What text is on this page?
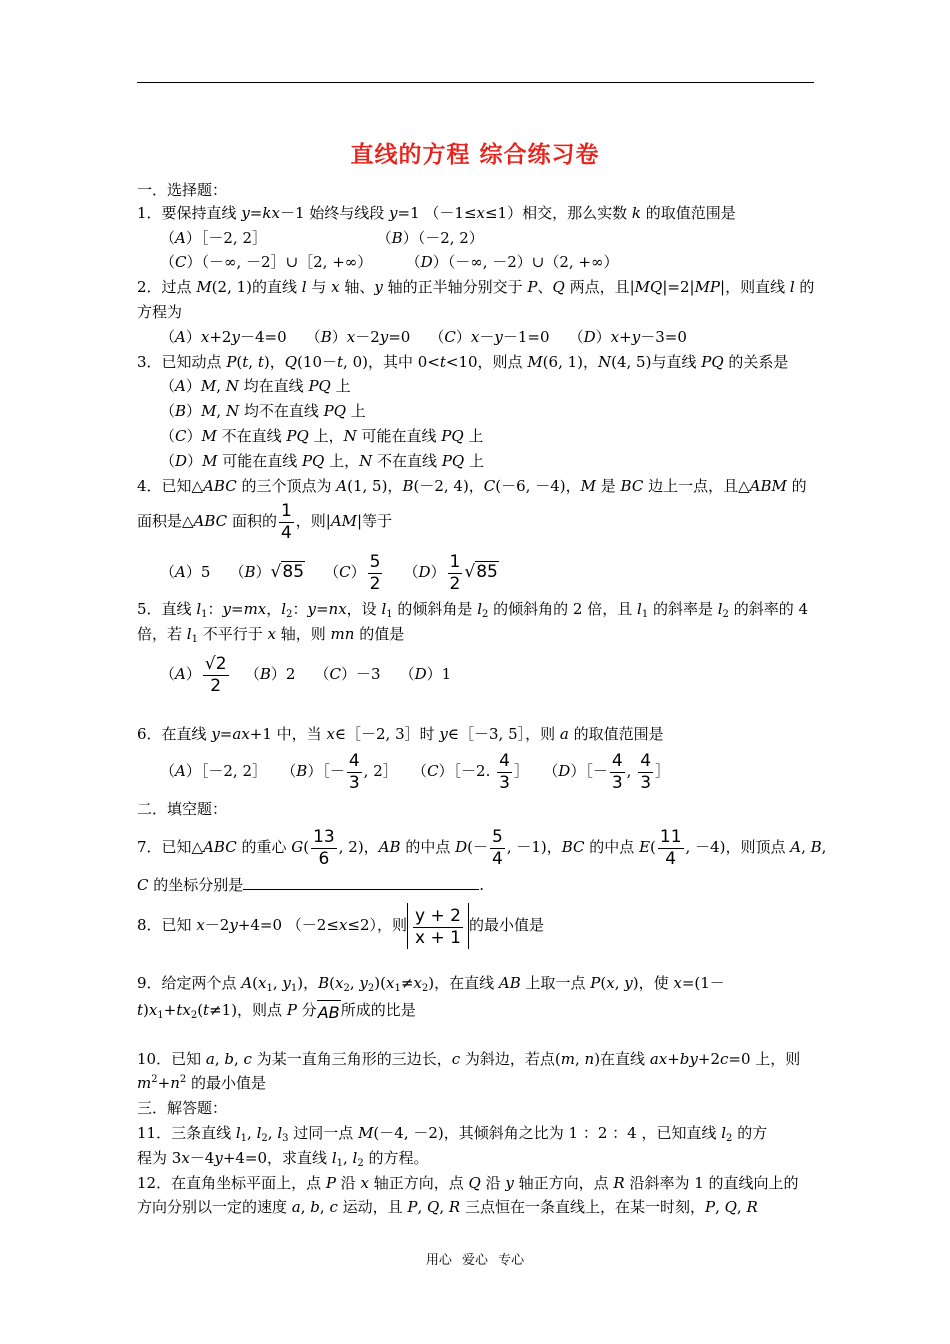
直线的方程 综合练习卷
一．选择题：
1．要保持直线 y=kx－1 始终与线段 y=1 （－1≤x≤1）相交，那么实数 k 的取值范围是
（A）［－2, 2］                       （B）（－2, 2）
（C）（－∞, －2］∪［2, +∞）       （D）（－∞, －2）∪（2, +∞）
2．过点 M(2, 1)的直线 l 与 x 轴、y 轴的正半轴分别交于 P、Q 两点，且|MQ|=2|MP|，则直线 l 的
方程为
（A）x+2y－4=0    （B）x－2y=0    （C）x－y－1=0    （D）x+y－3=0
3．已知动点 P(t, t)，Q(10－t, 0)，其中 0<t<10，则点 M(6, 1)，N(4, 5)与直线 PQ 的关系是
（A）M, N 均在直线 PQ 上
（B）M, N 均不在直线 PQ 上
（C）M 不在直线 PQ 上，N 可能在直线 PQ 上
（D）M 可能在直线 PQ 上，N 不在直线 PQ 上
4．已知△ABC 的三个顶点为 A(1, 5)，B(－2, 4)，C(－6, －4)，M 是 BC 边上一点，且△ABM 的
面积是△ABC 面积的 $\frac{1}{4}$ ，则|AM|等于
（A）5    （B）√85    $(C) \frac{5}{2} (D) \frac{1}{2} √85$
5．直线 $l_1$：y=mx，$l_2$：y=nx，设 $l_1$ 的倾斜角是 $l_2$ 的倾斜角的 2 倍，且 $l_1$ 的斜率是 $l_2$ 的斜率的 4
倍，若 $l_1$ 不平行于 x 轴，则 mn 的值是
$(A) \frac{√2}{2} (B)2$    （C）－3    （D）1
6．在直线 y=ax+1 中，当 x∈［－2, 3］时 y∈［－3, 5］，则 a 的取值范围是
（A）［－2, 2］   （B）［－ $\frac{4}{3}$ , 2］   （C）［－2. $\frac{4}{3}$ ］   （D）［－ $\frac{4}{3}$ , $\frac{4}{3}$ ］
二．填空题：
7．已知△ABC 的重心 $G( \frac{13}{6}$ , 2)，AB 的中点 $D(- \frac{5}{4}$ , －1)，BC 的中点 $E( \frac{11}{4}$ , －4)，则顶点 A, B,
C 的坐标分别是	.
8．已知 x－2y+4=0 （－2≤x≤2），则 $\frac{y + 2}{x + 1}$ 的最小值是
9．给定两个点 $A(x_1$, $y_1$)，$B(x_2$, $y_2)(x_1\ne x_2)$，在直线 AB 上取一点 P(x, y)，使 x=(1－
$t)x_1+tx_2(t\ne 1)$，则点 P 分 AB 所成的比是
10．已知 a, b, c 为某一直角三角形的三边长，c 为斜边，若点(m, n)在直线 ax+by+2c=0 上，则
$m^2+n^2$ 的最小值是
三．解答题：
11．三条直线 $l_1$, $l_2$, $l_3$ 过同一点 M(－4, －2)，其倾斜角之比为 1 ：2 ：4 ，已知直线 $l_2$ 的方
程为 3x－4y+4=0，求直线 $l_1$, $l_2$ 的方程。
12．在直角坐标平面上，点 P 沿 x 轴正方向，点 Q 沿 y 轴正方向，点 R 沿斜率为 1 的直线向上的
方向分别以一定的速度 a, b, c 运动，且 P, Q, R 三点恒在一条直线上，在某一时刻，P, Q, R
用心 爱心 专心
